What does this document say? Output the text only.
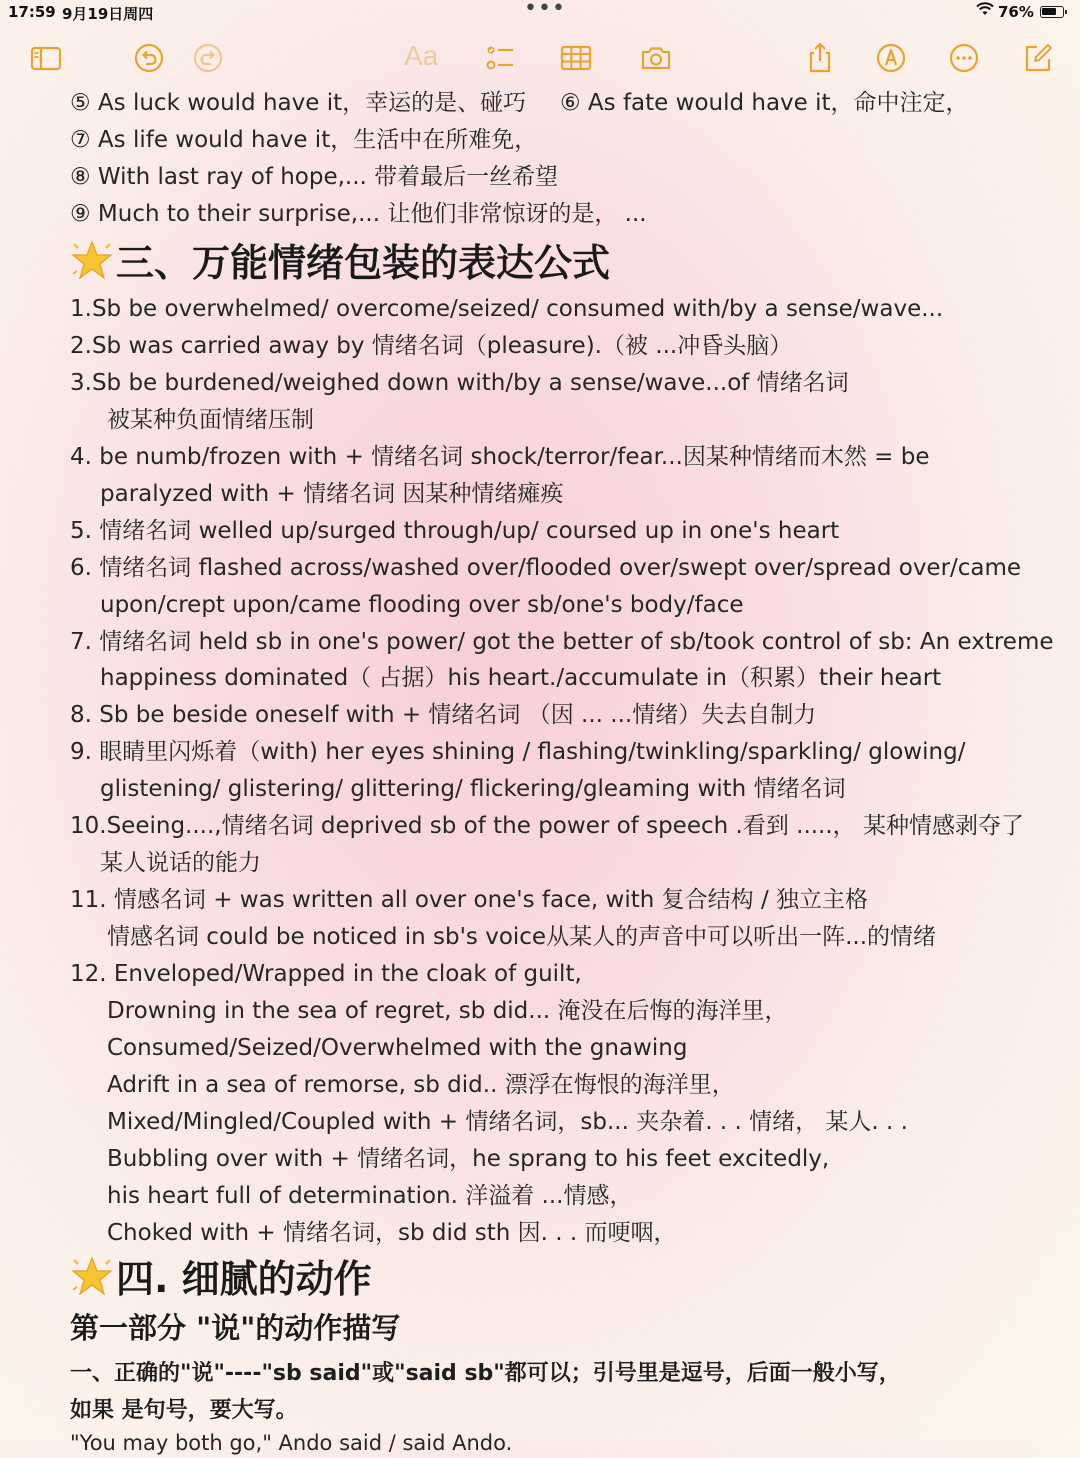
17:59 9月19日周四	•••	76%
Aa
⑤ As luck would have it，幸运的是、碰巧 ⑥ As fate would have it，命中注定，
⑦ As life would have it，生活中在所难免，
⑧ With last ray of hope,... 带着最后一丝希望
⑨ Much to their surprise,... 让他们非常惊讶的是， ...
三、万能情绪包装的表达公式
1.Sb be overwhelmed/ overcome/seized/ consumed with/by a sense/wave...
2.Sb was carried away by 情绪名词（pleasure).（被 ...冲昏头脑）
3.Sb be burdened/weighed down with/by a sense/wave...of 情绪名词
被某种负面情绪压制
4. be numb/frozen with + 情绪名词 shock/terror/fear...因某种情绪而木然 = be
paralyzed with + 情绪名词 因某种情绪瘫痪
5. 情绪名词 welled up/surged through/up/ coursed up in one's heart
6. 情绪名词 flashed across/washed over/flooded over/swept over/spread over/came
upon/crept upon/came flooding over sb/one's body/face
7. 情绪名词 held sb in one's power/ got the better of sb/took control of sb: An extreme
happiness dominated（ 占据）his heart./accumulate in（积累）their heart
8. Sb be beside oneself with + 情绪名词 （因 ... ...情绪）失去自制力
9. 眼睛里闪烁着（with) her eyes shining / flashing/twinkling/sparkling/ glowing/
glistening/ glistering/ glittering/ flickering/gleaming with 情绪名词
10.Seeing....,情绪名词 deprived sb of the power of speech .看到 .....， 某种情感剥夺了
某人说话的能力
11. 情感名词 + was written all over one's face, with 复合结构 / 独立主格
情感名词 could be noticed in sb's voice从某人的声音中可以听出一阵...的情绪
12. Enveloped/Wrapped in the cloak of guilt,
Drowning in the sea of regret, sb did... 淹没在后悔的海洋里，
Consumed/Seized/Overwhelmed with the gnawing
Adrift in a sea of remorse, sb did.. 漂浮在悔恨的海洋里，
Mixed/Mingled/Coupled with + 情绪名词，sb... 夹杂着. . . 情绪， 某人. . .
Bubbling over with + 情绪名词，he sprang to his feet excitedly,
his heart full of determination. 洋溢着 ...情感，
Choked with + 情绪名词，sb did sth 因. . . 而哽咽，
四. 细腻的动作
第一部分 "说"的动作描写
一、正确的"说"----"sb said"或"said sb"都可以；引号里是逗号，后面一般小写，
如果 是句号，要大写。
"You may both go," Ando said / said Ando.
